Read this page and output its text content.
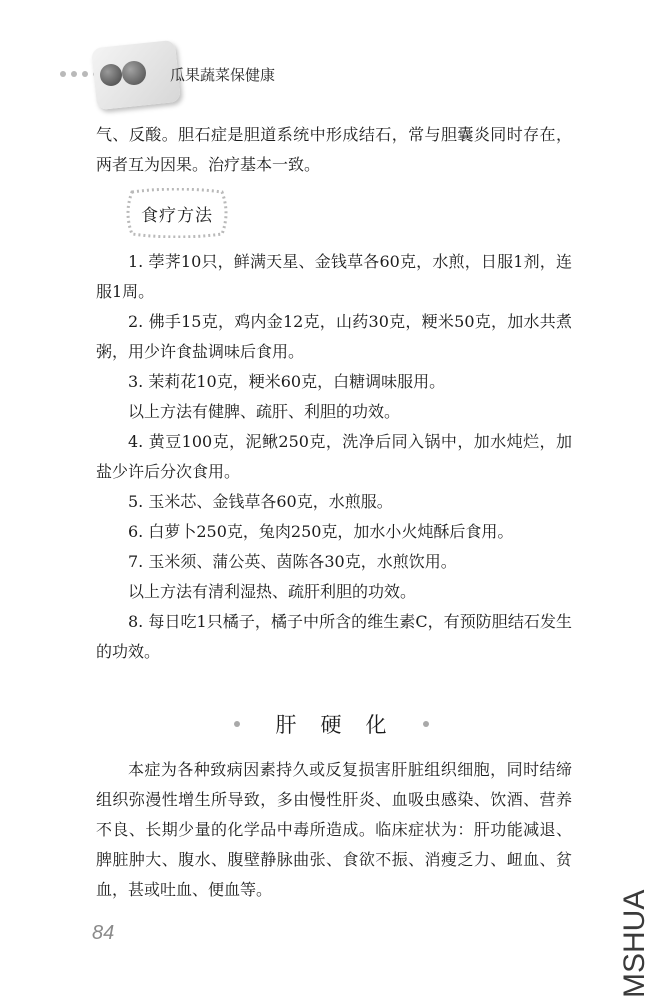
瓜果蔬菜保健康

气、反酸。胆石症是胆道系统中形成结石，常与胆囊炎同时存在，两者互为因果。治疗基本一致。

食疗方法

1. 荸荠10只，鲜满天星、金钱草各60克，水煎，日服1剂，连服1周。

2. 佛手15克，鸡内金12克，山药30克，粳米50克，加水共煮粥，用少许食盐调味后食用。

3. 茉莉花10克，粳米60克，白糖调味服用。

以上方法有健脾、疏肝、利胆的功效。

4. 黄豆100克，泥鳅250克，洗净后同入锅中，加水炖烂，加盐少许后分次食用。

5. 玉米芯、金钱草各60克，水煎服。

6. 白萝卜250克，兔肉250克，加水小火炖酥后食用。

7. 玉米须、蒲公英、茵陈各30克，水煎饮用。

以上方法有清利湿热、疏肝利胆的功效。

8. 每日吃1只橘子，橘子中所含的维生素C，有预防胆结石发生的功效。

肝硬化

本症为各种致病因素持久或反复损害肝脏组织细胞，同时结缔组织弥漫性增生所导致，多由慢性肝炎、血吸虫感染、饮酒、营养不良、长期少量的化学品中毒所造成。临床症状为：肝功能减退、脾脏肿大、腹水、腹壁静脉曲张、食欲不振、消瘦乏力、衄血、贫血，甚或吐血、便血等。

84	MSHUA
